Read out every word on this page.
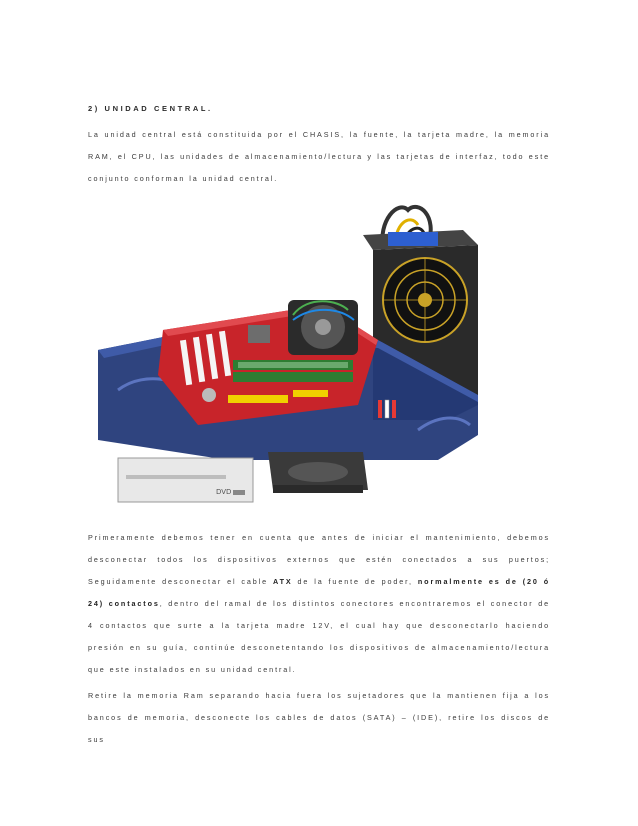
2) UNIDAD CENTRAL.
La unidad central está constituida por el CHASIS, la fuente, la tarjeta madre, la memoria
RAM, el CPU, las unidades de almacenamiento/lectura y las tarjetas de interfaz, todo este
conjunto conforman la unidad central.
DVD
Primeramente debemos tener en cuenta que antes de iniciar el mantenimiento, debemos
desconectar todos los dispositivos externos que estén conectados a sus puertos;
Seguidamente desconectar el cable ATX de la fuente de poder, normalmente es de (20 ó
24) contactos, dentro del ramal de los distintos conectores encontraremos el conector de
4 contactos que surte a la tarjeta madre 12V, el cual hay que desconectarlo haciendo
presión en su guía, continúe desconetentando los dispositivos de almacenamiento/lectura
que este instalados en su unidad central.
Retire la memoria Ram separando hacia fuera los sujetadores que la mantienen fija a los
bancos de memoria, desconecte los cables de datos (SATA) – (IDE), retire los discos de sus
